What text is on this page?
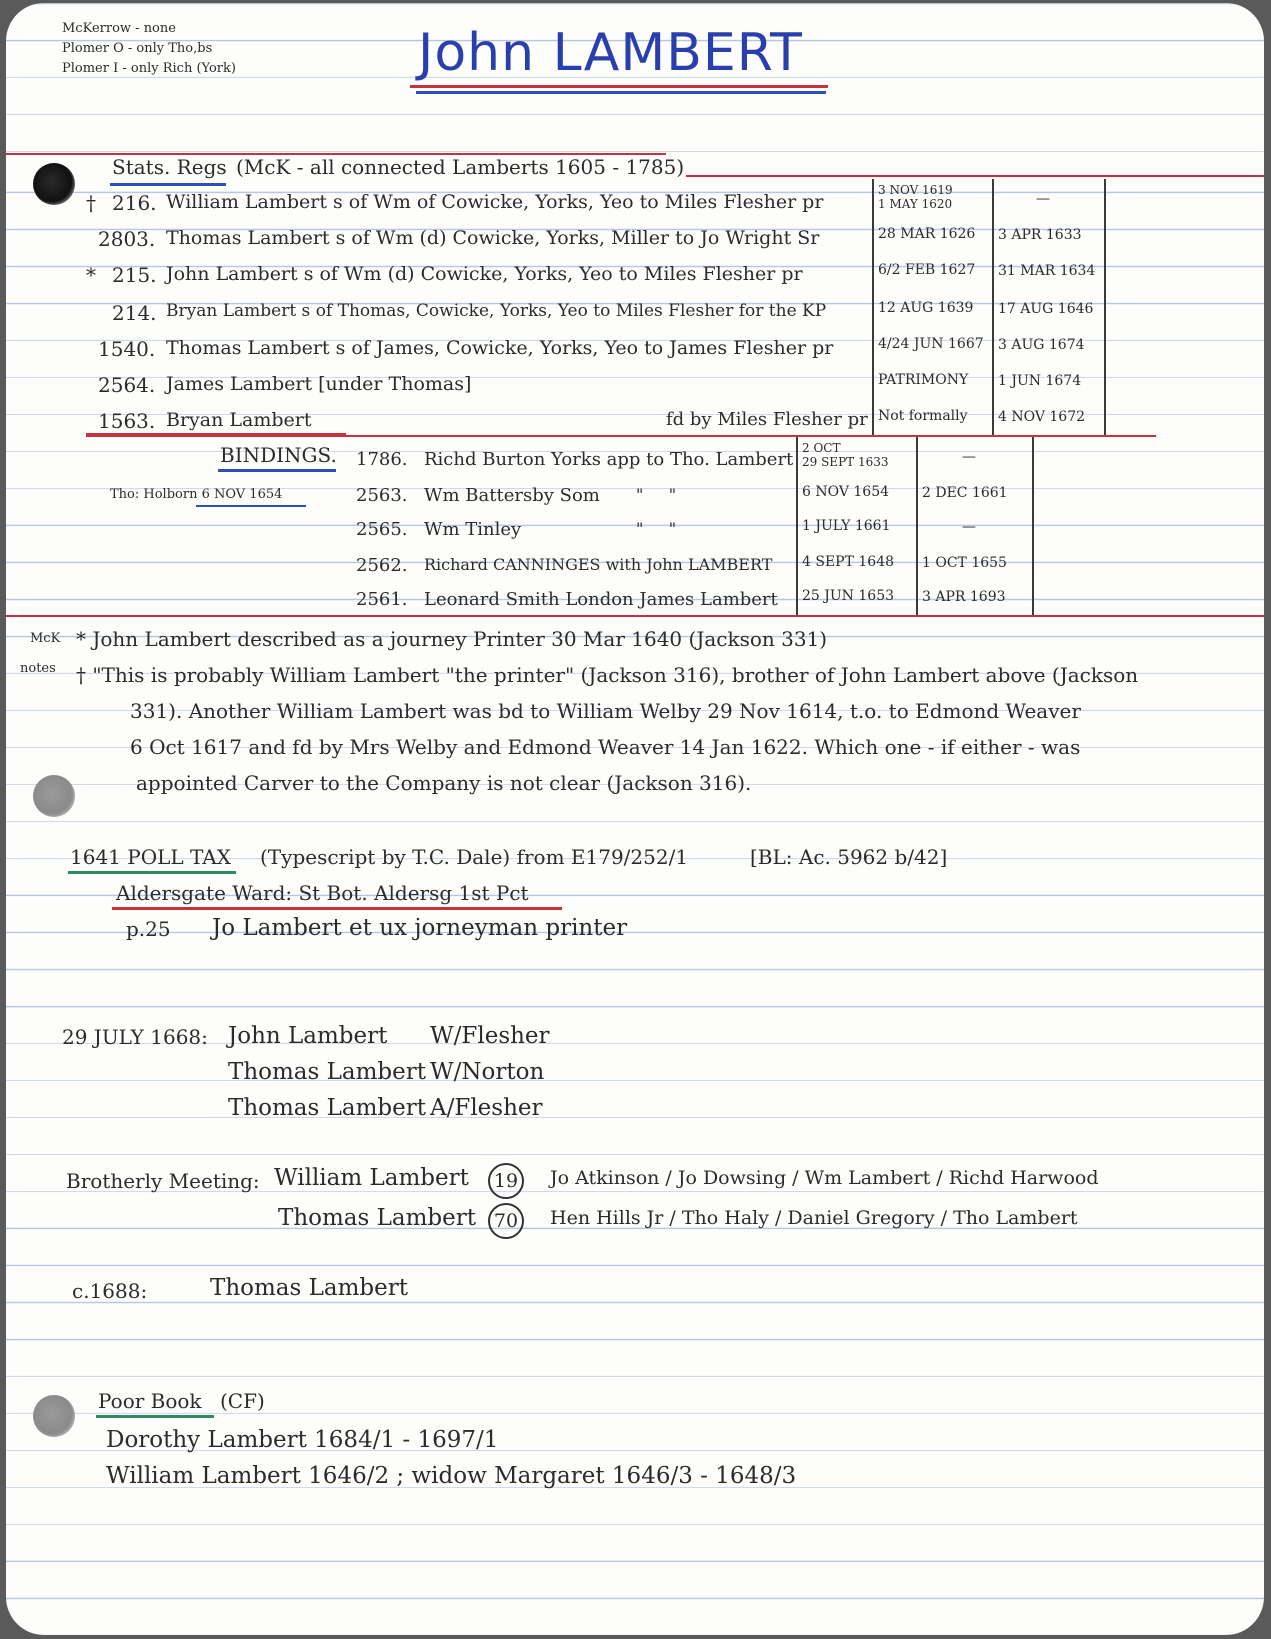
McKerrow - none
Plomer O - only Tho,bs
Plomer I - only Rich (York)	John LAMBERT
Stats. Regs (McK - all connected Lamberts 1605 - 1785)
† 216. William Lambert s of Wm of Cowicke, Yorks, Yeo to Miles Flesher pr
3 NOV 1619
1 MAY 1620	—
2803. Thomas Lambert s of Wm (d) Cowicke, Yorks, Miller to Jo Wright Sr	28 MAR 1626 3 APR 1633
* 215. John Lambert s of Wm (d) Cowicke, Yorks, Yeo to Miles Flesher pr	6/2 FEB 1627 31 MAR 1634
214. Bryan Lambert s of Thomas, Cowicke, Yorks, Yeo to Miles Flesher for the KP	12 AUG 1639 17 AUG 1646
1540. Thomas Lambert s of James, Cowicke, Yorks, Yeo to James Flesher pr	4/24 JUN 1667 3 AUG 1674
2564. James Lambert [under Thomas]	PATRIMONY 1 JUN 1674
1563. Bryan Lambert	fd by Miles Flesher pr Not formally 4 NOV 1672
BINDINGS.
Tho: Holborn 6 NOV 1654
1786. Richd Burton Yorks app to Tho. Lambert
2 OCT
29 SEPT 1633	—
2563. Wm Battersby Som "     "	6 NOV 1654 2 DEC 1661
2565. Wm Tinley	"     "	1 JULY 1661	—
2562. Richard CANNINGES with John LAMBERT 4 SEPT 1648 1 OCT 1655
2561. Leonard Smith London James Lambert 25 JUN 1653 3 APR 1693
McK
notes
* John Lambert described as a journey Printer 30 Mar 1640 (Jackson 331)
† "This is probably William Lambert "the printer" (Jackson 316), brother of John Lambert above (Jackson
331). Another William Lambert was bd to William Welby 29 Nov 1614, t.o. to Edmond Weaver
6 Oct 1617 and fd by Mrs Welby and Edmond Weaver 14 Jan 1622. Which one - if either - was
appointed Carver to the Company is not clear (Jackson 316).
1641 POLL TAX (Typescript by T.C. Dale) from E179/252/1	[BL: Ac. 5962 b/42]
Aldersgate Ward: St Bot. Aldersg 1st Pct
p.25 Jo Lambert et ux jorneyman printer
29 JULY 1668: John Lambert W/Flesher
Thomas Lambert W/Norton
Thomas Lambert A/Flesher
Brotherly Meeting: William Lambert	19	Jo Atkinson / Jo Dowsing / Wm Lambert / Richd Harwood
Thomas Lambert 70	Hen Hills Jr / Tho Haly / Daniel Gregory / Tho Lambert
c.1688:	Thomas Lambert
Poor Book (CF)
Dorothy Lambert 1684/1 - 1697/1
William Lambert 1646/2 ; widow Margaret 1646/3 - 1648/3
